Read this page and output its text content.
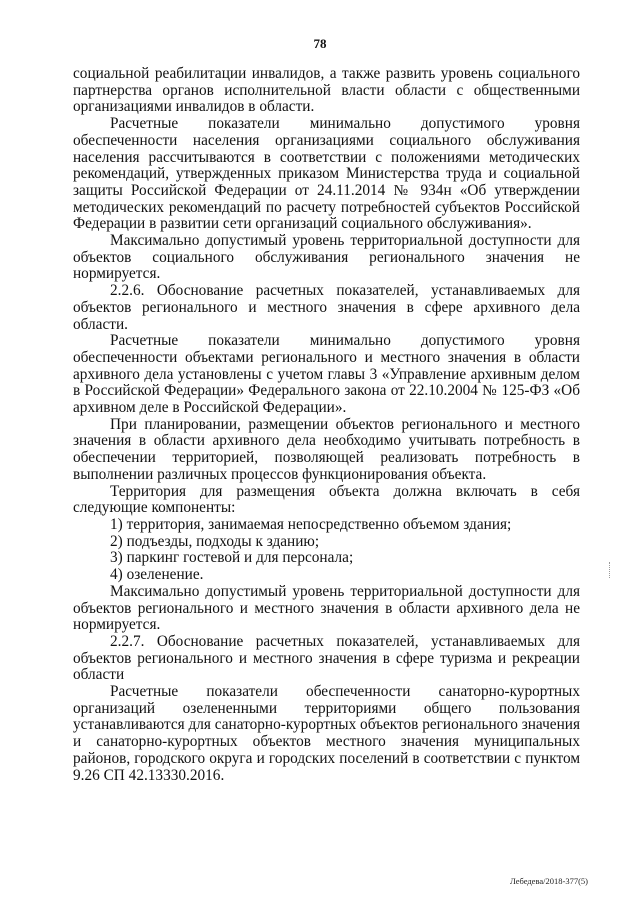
78

социальной реабилитации инвалидов, а также развить уровень социального партнерства органов исполнительной власти области с общественными организациями инвалидов в области.

Расчетные показатели минимально допустимого уровня обеспеченности населения организациями социального обслуживания населения рассчитываются в соответствии с положениями методических рекомендаций, утвержденных приказом Министерства труда и социальной защиты Российской Федерации от 24.11.2014 № 934н «Об утверждении методических рекомендаций по расчету потребностей субъектов Российской Федерации в развитии сети организаций социального обслуживания».

Максимально допустимый уровень территориальной доступности для объектов социального обслуживания регионального значения не нормируется.

2.2.6. Обоснование расчетных показателей, устанавливаемых для объектов регионального и местного значения в сфере архивного дела области.

Расчетные показатели минимально допустимого уровня обеспеченности объектами регионального и местного значения в области архивного дела установлены с учетом главы 3 «Управление архивным делом в Российской Федерации» Федерального закона от 22.10.2004 № 125-ФЗ «Об архивном деле в Российской Федерации».

При планировании, размещении объектов регионального и местного значения в области архивного дела необходимо учитывать потребность в обеспечении территорией, позволяющей реализовать потребность в выполнении различных процессов функционирования объекта.

Территория для размещения объекта должна включать в себя следующие компоненты:

1) территория, занимаемая непосредственно объемом здания;

2) подъезды, подходы к зданию;

3) паркинг гостевой и для персонала;

4) озеленение.

Максимально допустимый уровень территориальной доступности для объектов регионального и местного значения в области архивного дела не нормируется.

2.2.7. Обоснование расчетных показателей, устанавливаемых для объектов регионального и местного значения в сфере туризма и рекреации области

Расчетные показатели обеспеченности санаторно-курортных организаций озелененными территориями общего пользования устанавливаются для санаторно-курортных объектов регионального значения и санаторно-курортных объектов местного значения муниципальных районов, городского округа и городских поселений в соответствии с пунктом 9.26 СП 42.13330.2016.

Лебедева/2018-377(5)
